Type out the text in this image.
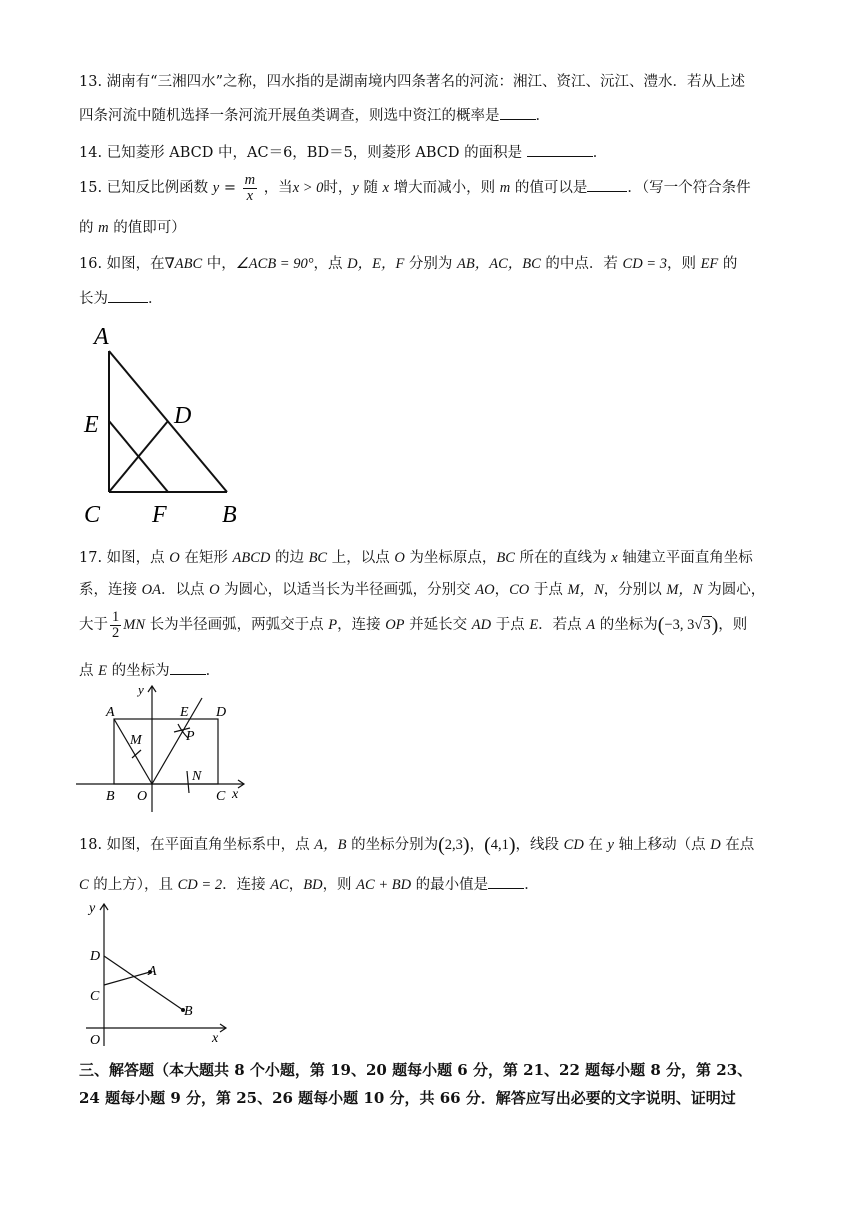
13. 湖南有“三湘四水”之称，四水指的是湖南境内四条著名的河流：湘江、资江、沅江、澧水．若从上述
四条河流中随机选择一条河流开展鱼类调查，则选中资江的概率是 ．
14. 已知菱形 ABCD 中，AC＝6，BD＝5，则菱形 ABCD 的面积是	．
15. 已知反比例函数 $y = \frac{m}{x}$ ，当x > 0时，y 随 x 增大而减小，则 m 的值可以是	．（写一个符合条件
的 m 的值即可）
16. 如图，在∇ABC 中，∠ACB = 90°，点 D，E，F 分别为 AB，AC，BC 的中点．若 CD = 3，则 EF 的
长为	．
A
E	D
C F B
17. 如图，点 O 在矩形 ABCD 的边 BC 上，以点 O 为坐标原点，BC 所在的直线为 x 轴建立平面直角坐标
系，连接 OA．以点 O 为圆心，以适当长为半径画弧，分别交 AO，CO 于点 M，N，分别以 M，N 为圆心，
大于 $\frac{1}{2}$ MN 长为半径画弧，两弧交于点 P，连接 OP 并延长交 AD 于点 E．若点 A 的坐标为(−3, 3√3)，则
点 E 的坐标为 ．
y
A	E D
M	P
N
B O	C x
18. 如图，在平面直角坐标系中，点 A，B 的坐标分别为(2,3)，(4,1)，线段 CD 在 y 轴上移动（点 D 在点
C 的上方），且 CD = 2．连接 AC，BD，则 AC + BD 的最小值是 ．
y
D
A
C
B
O	x
三、解答题（本大题共 8 个小题，第 19、20 题每小题 6 分，第 21、22 题每小题 8 分，第 23、
24 题每小题 9 分，第 25、26 题每小题 10 分，共 66 分．解答应写出必要的文字说明、证明过
